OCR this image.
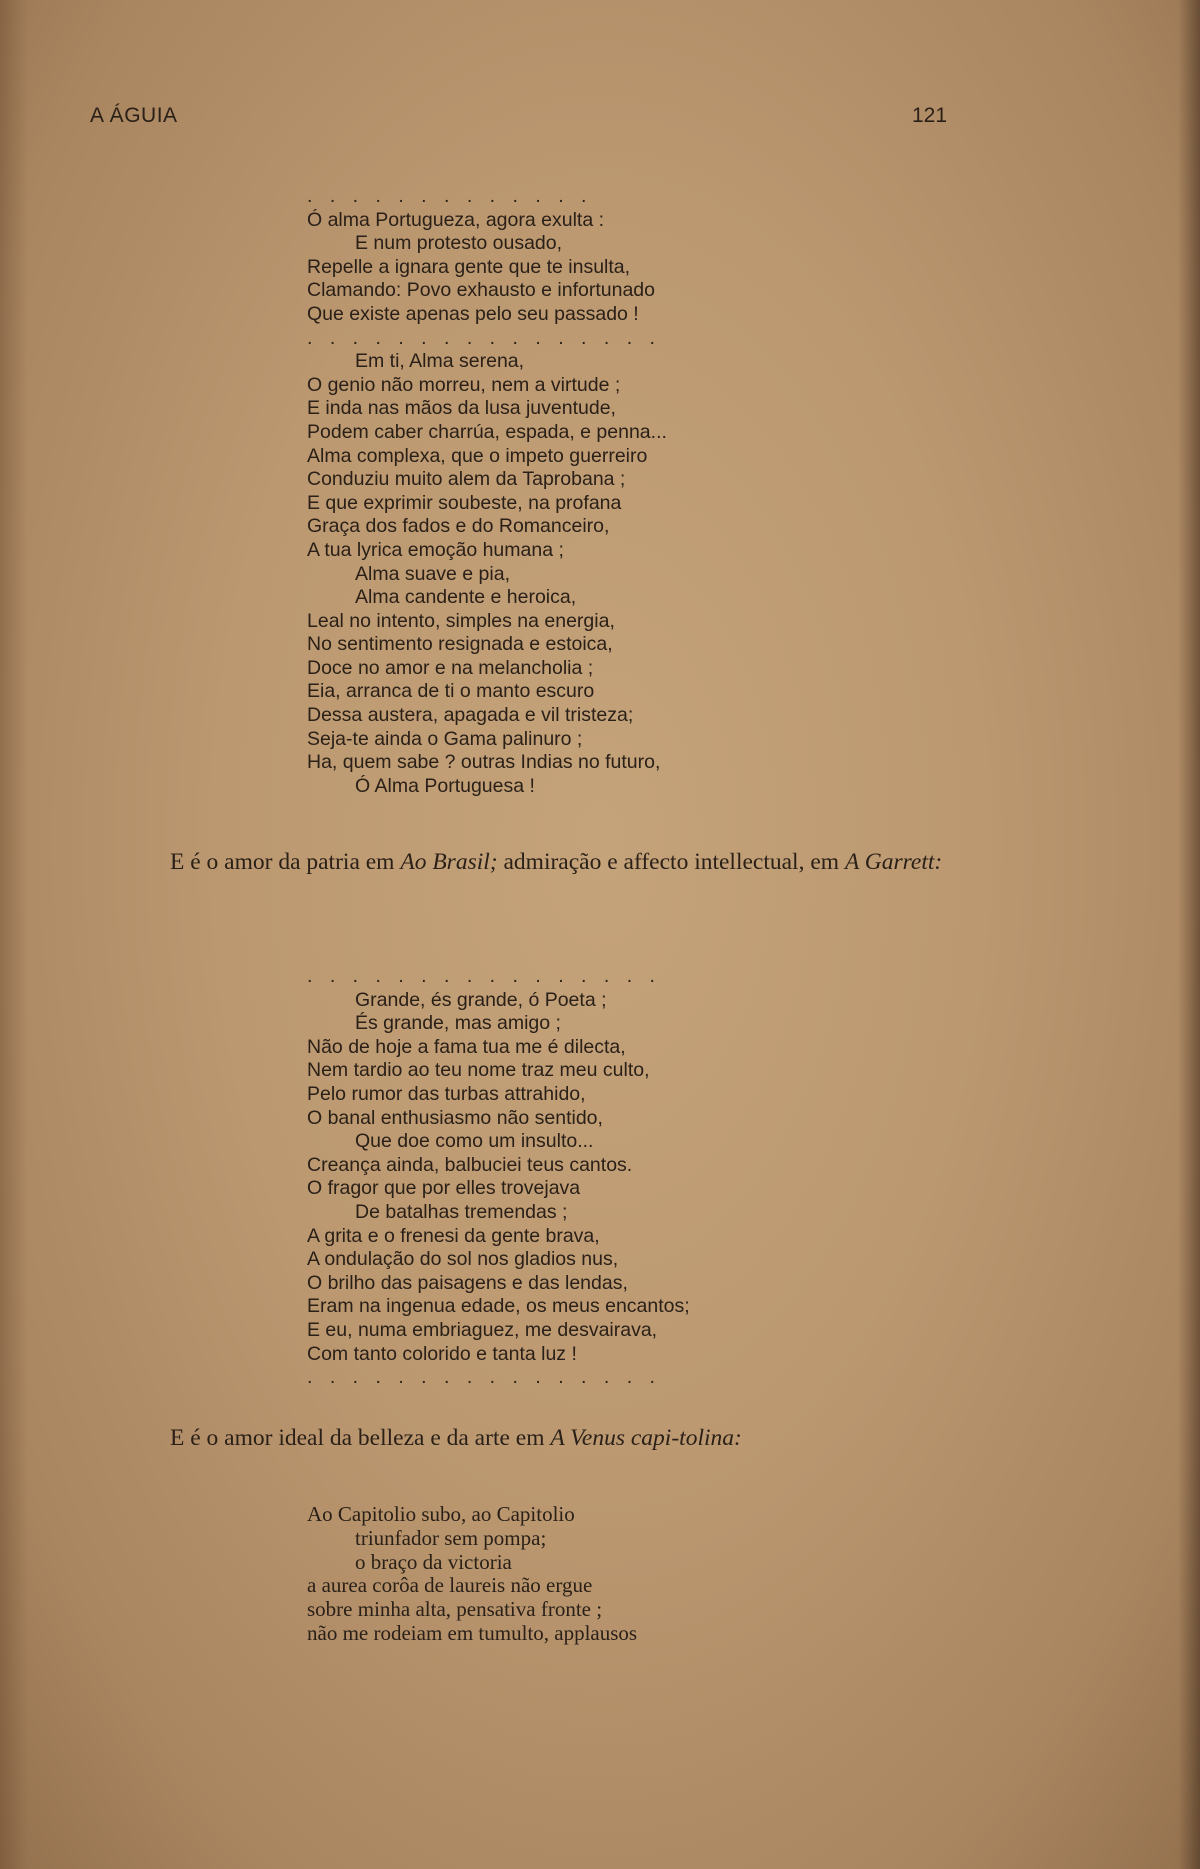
A ÁGUIA	121
. . . . . . . . . . . . .
Ó alma Portugueza, agora exulta :
E num protesto ousado,
Repelle a ignara gente que te insulta,
Clamando: Povo exhausto e infortunado
Que existe apenas pelo seu passado !
. . . . . . . . . . . . . . . .
Em ti, Alma serena,
O genio não morreu, nem a virtude ;
E inda nas mãos da lusa juventude,
Podem caber charrúa, espada, e penna...
Alma complexa, que o impeto guerreiro
Conduziu muito alem da Taprobana ;
E que exprimir soubeste, na profana
Graça dos fados e do Romanceiro,
A tua lyrica emoção humana ;
Alma suave e pia,
Alma candente e heroica,
Leal no intento, simples na energia,
No sentimento resignada e estoica,
Doce no amor e na melancholia ;
Eia, arranca de ti o manto escuro
Dessa austera, apagada e vil tristeza;
Seja-te ainda o Gama palinuro ;
Ha, quem sabe ? outras Indias no futuro,
Ó Alma Portuguesa !
E é o amor da patria em Ao Brasil; admiração e affecto intellectual, em A Garrett:
. . . . . . . . . . . . . . . .
Grande, és grande, ó Poeta ;
És grande, mas amigo ;
Não de hoje a fama tua me é dilecta,
Nem tardio ao teu nome traz meu culto,
Pelo rumor das turbas attrahido,
O banal enthusiasmo não sentido,
Que doe como um insulto...
Creança ainda, balbuciei teus cantos.
O fragor que por elles trovejava
De batalhas tremendas ;
A grita e o frenesi da gente brava,
A ondulação do sol nos gladios nus,
O brilho das paisagens e das lendas,
Eram na ingenua edade, os meus encantos;
E eu, numa embriaguez, me desvairava,
Com tanto colorido e tanta luz !
. . . . . . . . . . . . . . . .
E é o amor ideal da belleza e da arte em A Venus capi-tolina:
Ao Capitolio subo, ao Capitolio
triunfador sem pompa;
o braço da victoria
a aurea corôa de laureis não ergue
sobre minha alta, pensativa fronte ;
não me rodeiam em tumulto, applausos
